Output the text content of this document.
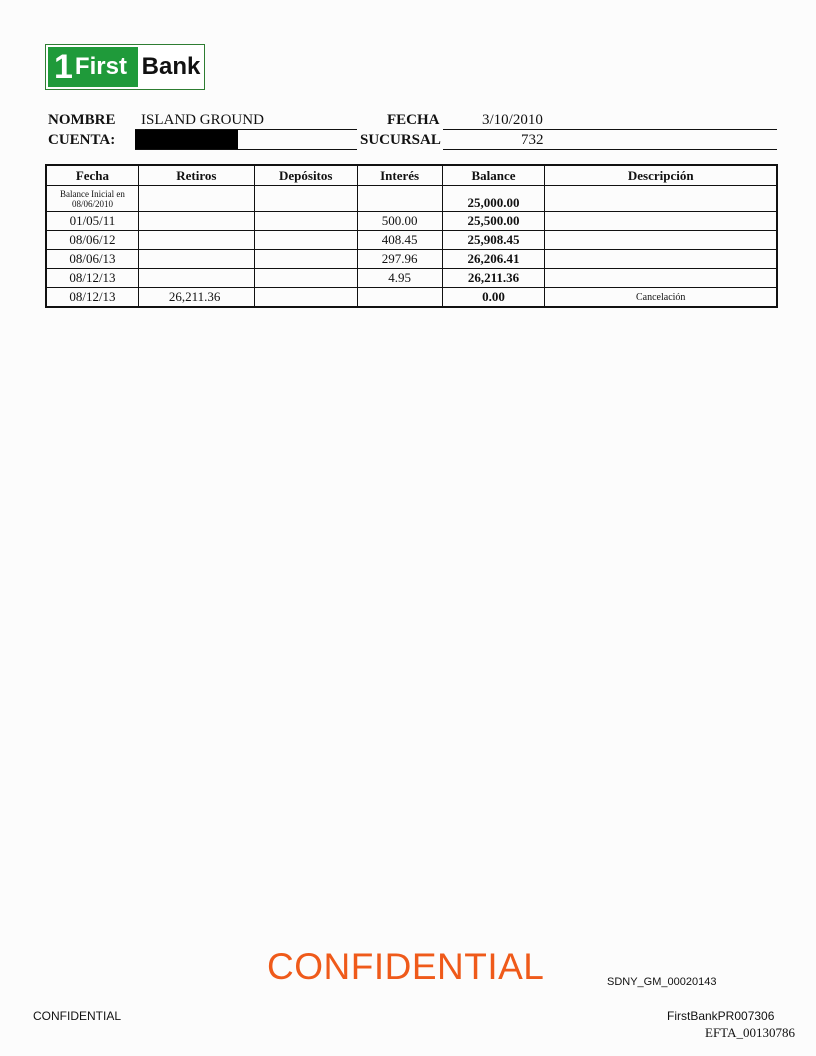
1 First Bank
NOMBRE ISLAND GROUND	FECHA	3/10/2010
CUENTA:	SUCURSAL	732
Fecha	Retiros	Depósitos	Interés	Balance	Descripción
Balance Inicial en 08/06/2010				25,000.00	
01/05/11			500.00	25,500.00	
08/06/12			408.45	25,908.45	
08/06/13			297.96	26,206.41	
08/12/13			4.95	26,211.36	
08/12/13	26,211.36			0.00	Cancelación
CONFIDENTIAL	SDNY_GM_00020143
CONFIDENTIAL	FirstBankPR007306
EFTA_00130786
